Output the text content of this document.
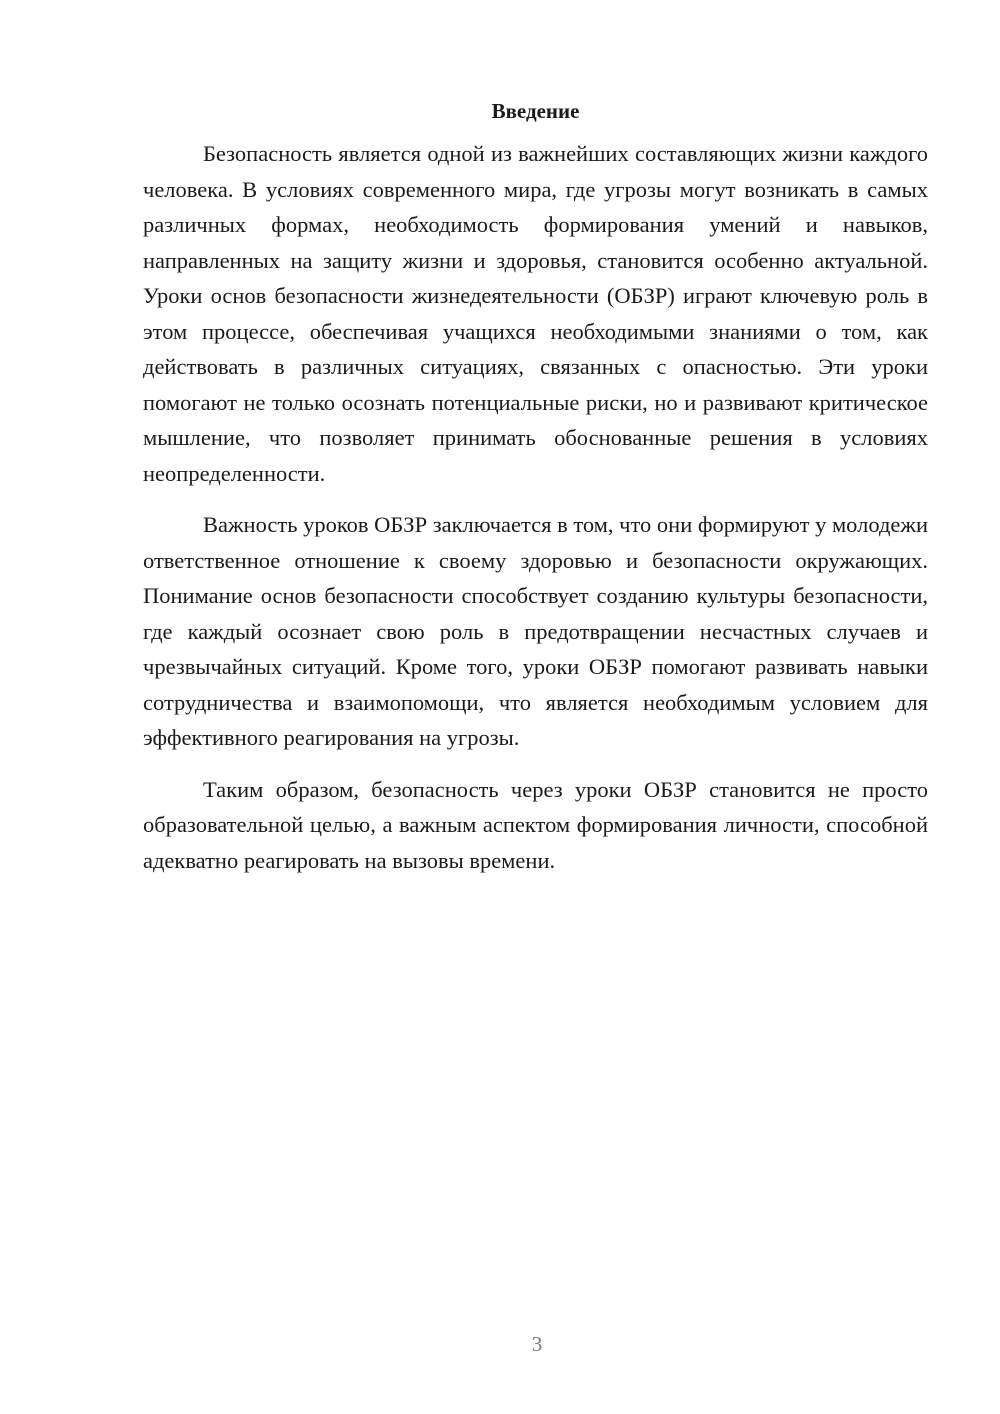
Введение

Безопасность является одной из важнейших составляющих жизни каждого человека. В условиях современного мира, где угрозы могут возникать в самых различных формах, необходимость формирования умений и навыков, направленных на защиту жизни и здоровья, становится особенно актуальной. Уроки основ безопасности жизнедеятельности (ОБЗР) играют ключевую роль в этом процессе, обеспечивая учащихся необходимыми знаниями о том, как действовать в различных ситуациях, связанных с опасностью. Эти уроки помогают не только осознать потенциальные риски, но и развивают критическое мышление, что позволяет принимать обоснованные решения в условиях неопределенности.

Важность уроков ОБЗР заключается в том, что они формируют у молодежи ответственное отношение к своему здоровью и безопасности окружающих. Понимание основ безопасности способствует созданию культуры безопасности, где каждый осознает свою роль в предотвращении несчастных случаев и чрезвычайных ситуаций. Кроме того, уроки ОБЗР помогают развивать навыки сотрудничества и взаимопомощи, что является необходимым условием для эффективного реагирования на угрозы.

Таким образом, безопасность через уроки ОБЗР становится не просто образовательной целью, а важным аспектом формирования личности, способной адекватно реагировать на вызовы времени.

3
